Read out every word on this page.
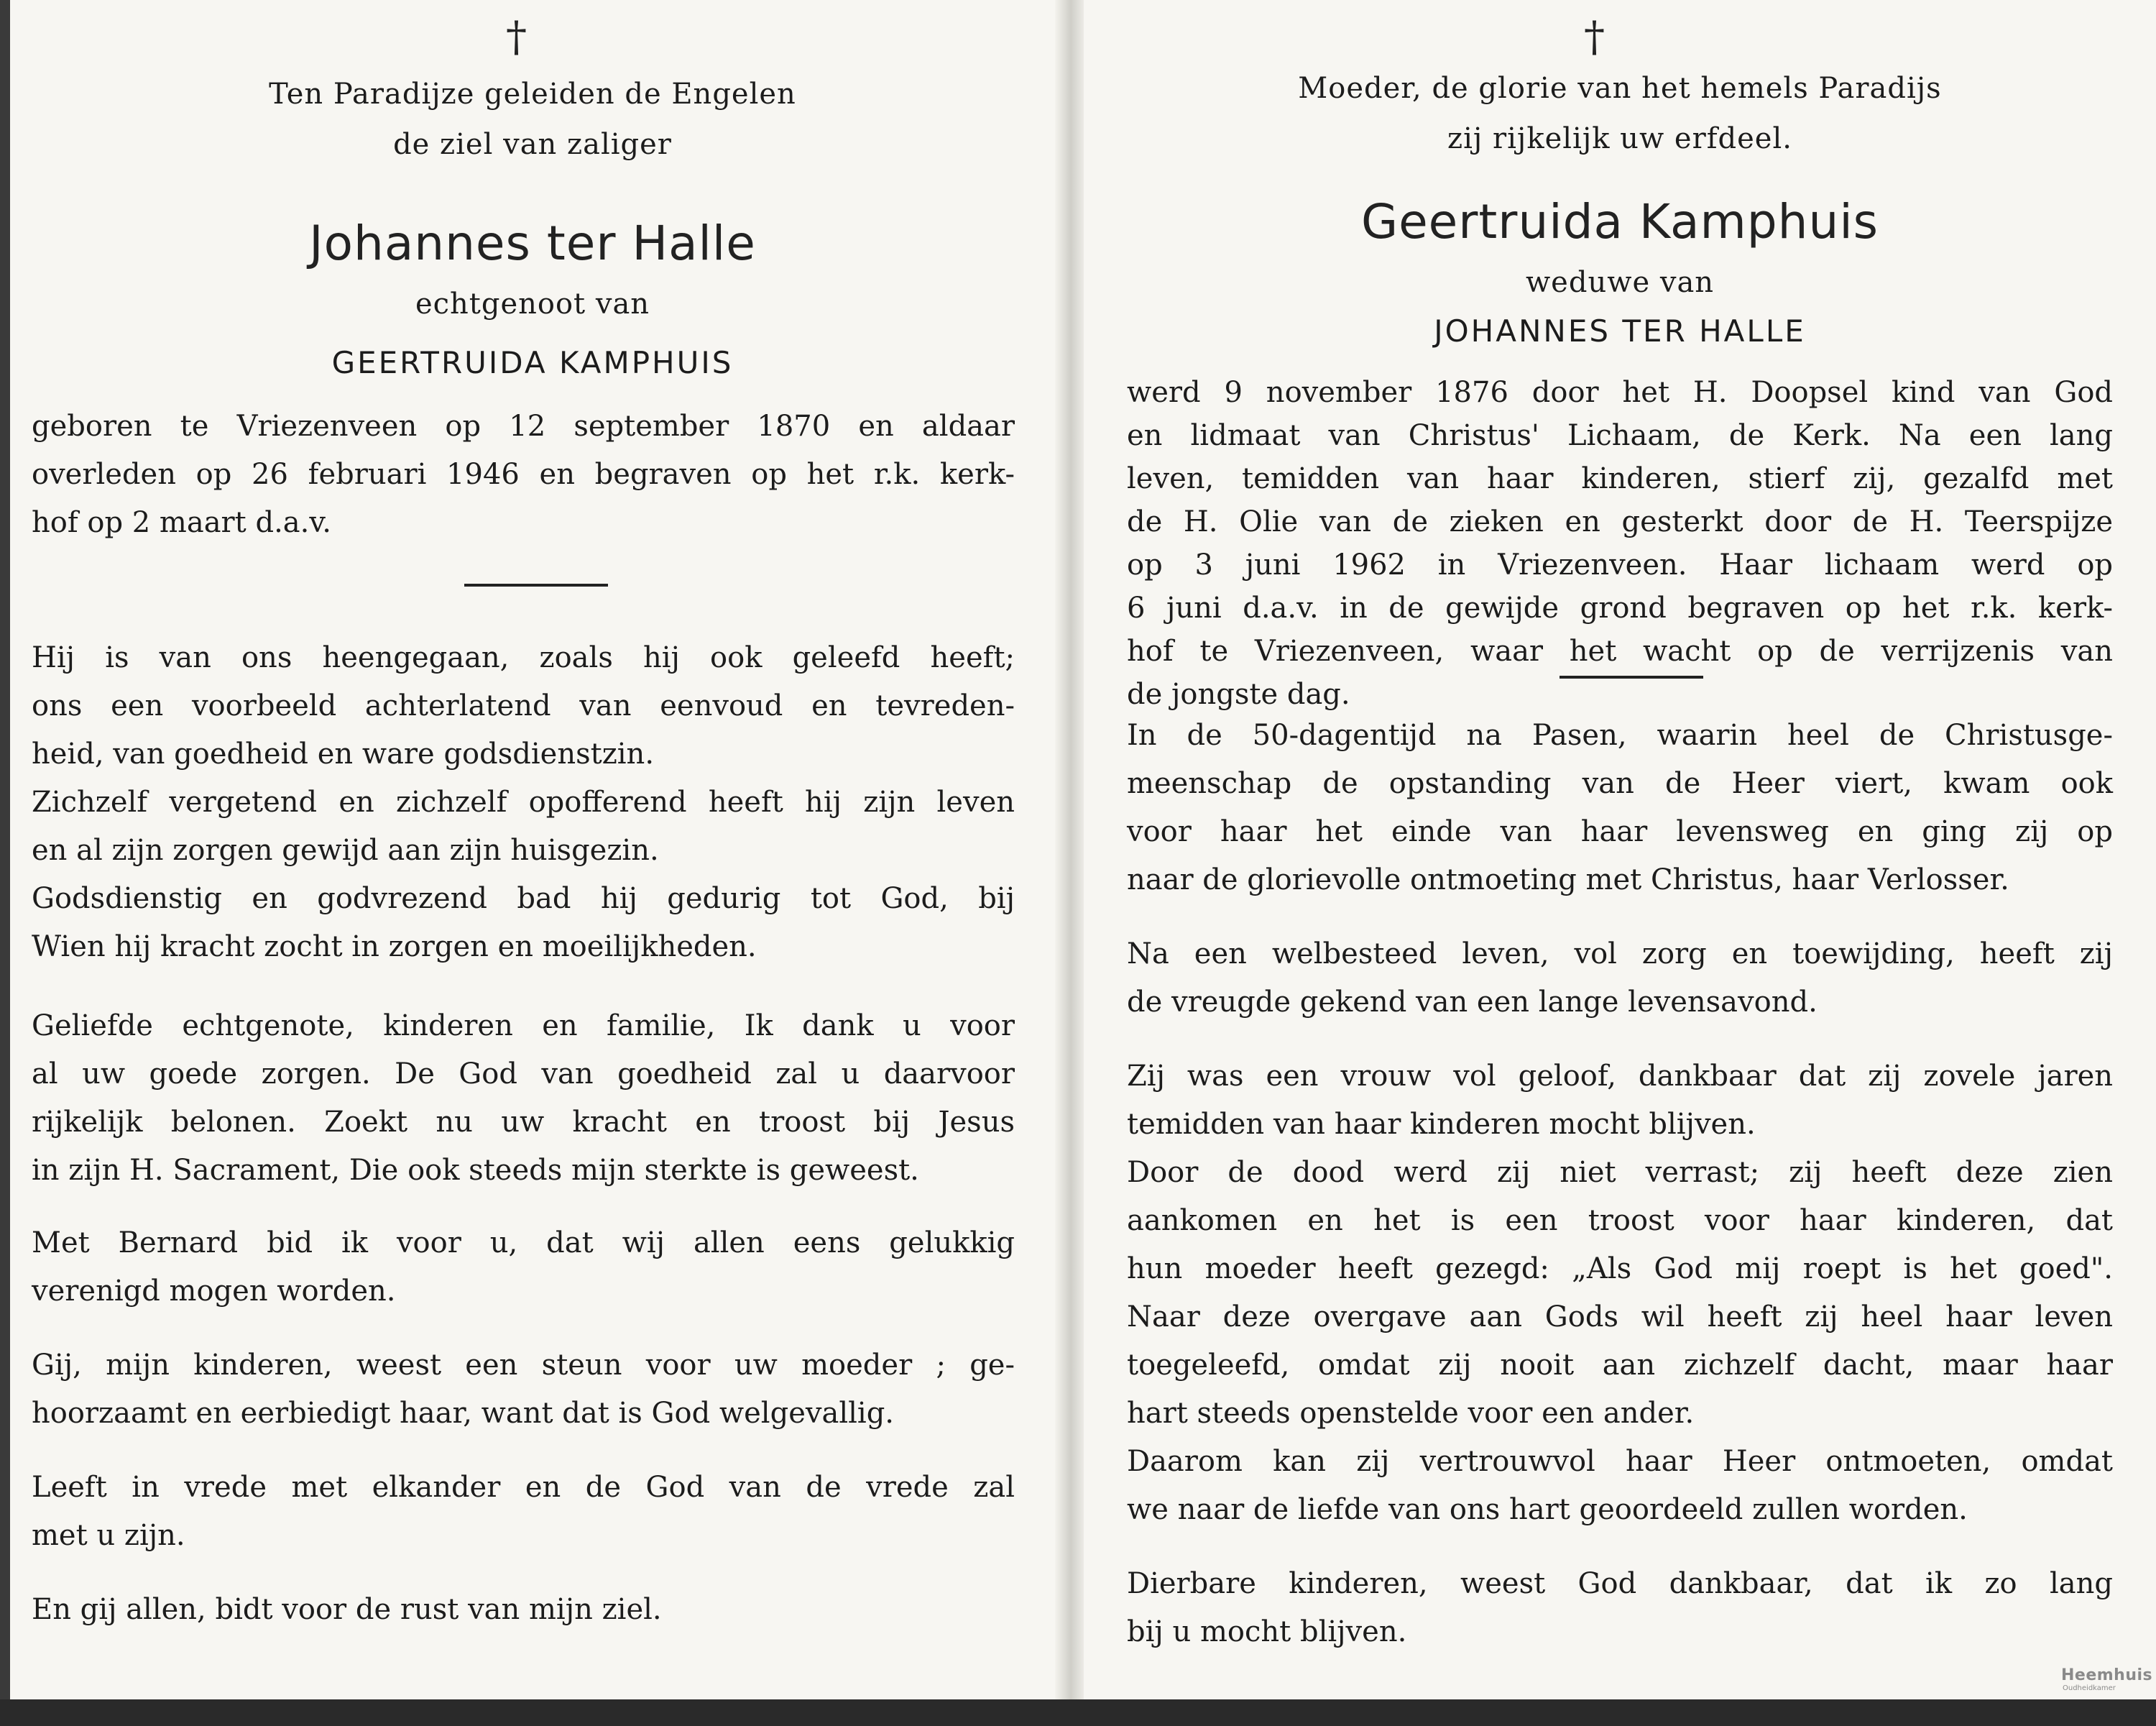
†
Ten Paradijze geleiden de Engelen
de ziel van zaliger
Johannes ter Halle
echtgenoot van
GEERTRUIDA KAMPHUIS
geboren te Vriezenveen op 12 september 1870 en aldaar
overleden op 26 februari 1946 en begraven op het r.k. kerk-
hof op 2 maart d.a.v.
Hij is van ons heengegaan, zoals hij ook geleefd heeft;
ons een voorbeeld achterlatend van eenvoud en tevreden-
heid, van goedheid en ware godsdienstzin.
Zichzelf vergetend en zichzelf opofferend heeft hij zijn leven
en al zijn zorgen gewijd aan zijn huisgezin.
Godsdienstig en godvrezend bad hij gedurig tot God, bij
Wien hij kracht zocht in zorgen en moeilijkheden.
Geliefde echtgenote, kinderen en familie, Ik dank u voor
al uw goede zorgen. De God van goedheid zal u daarvoor
rijkelijk belonen. Zoekt nu uw kracht en troost bij Jesus
in zijn H. Sacrament, Die ook steeds mijn sterkte is geweest.
Met Bernard bid ik voor u, dat wij allen eens gelukkig
verenigd mogen worden.
Gij, mijn kinderen, weest een steun voor uw moeder ; ge-
hoorzaamt en eerbiedigt haar, want dat is God welgevallig.
Leeft in vrede met elkander en de God van de vrede zal
met u zijn.
En gij allen, bidt voor de rust van mijn ziel.
†
Moeder, de glorie van het hemels Paradijs
zij rijkelijk uw erfdeel.
Geertruida Kamphuis
weduwe van
JOHANNES TER HALLE
werd 9 november 1876 door het H. Doopsel kind van God
en lidmaat van Christus' Lichaam, de Kerk. Na een lang
leven, temidden van haar kinderen, stierf zij, gezalfd met
de H. Olie van de zieken en gesterkt door de H. Teerspijze
op 3 juni 1962 in Vriezenveen. Haar lichaam werd op
6 juni d.a.v. in de gewijde grond begraven op het r.k. kerk-
hof te Vriezenveen, waar het wacht op de verrijzenis van
de jongste dag.
In de 50-dagentijd na Pasen, waarin heel de Christusge-
meenschap de opstanding van de Heer viert, kwam ook
voor haar het einde van haar levensweg en ging zij op
naar de glorievolle ontmoeting met Christus, haar Verlosser.
Na een welbesteed leven, vol zorg en toewijding, heeft zij
de vreugde gekend van een lange levensavond.
Zij was een vrouw vol geloof, dankbaar dat zij zovele jaren
temidden van haar kinderen mocht blijven.
Door de dood werd zij niet verrast; zij heeft deze zien
aankomen en het is een troost voor haar kinderen, dat
hun moeder heeft gezegd: „Als God mij roept is het goed".
Naar deze overgave aan Gods wil heeft zij heel haar leven
toegeleefd, omdat zij nooit aan zichzelf dacht, maar haar
hart steeds openstelde voor een ander.
Daarom kan zij vertrouwvol haar Heer ontmoeten, omdat
we naar de liefde van ons hart geoordeeld zullen worden.
Dierbare kinderen, weest God dankbaar, dat ik zo lang
bij u mocht blijven.
Heemhuis
Oudheidkamer
